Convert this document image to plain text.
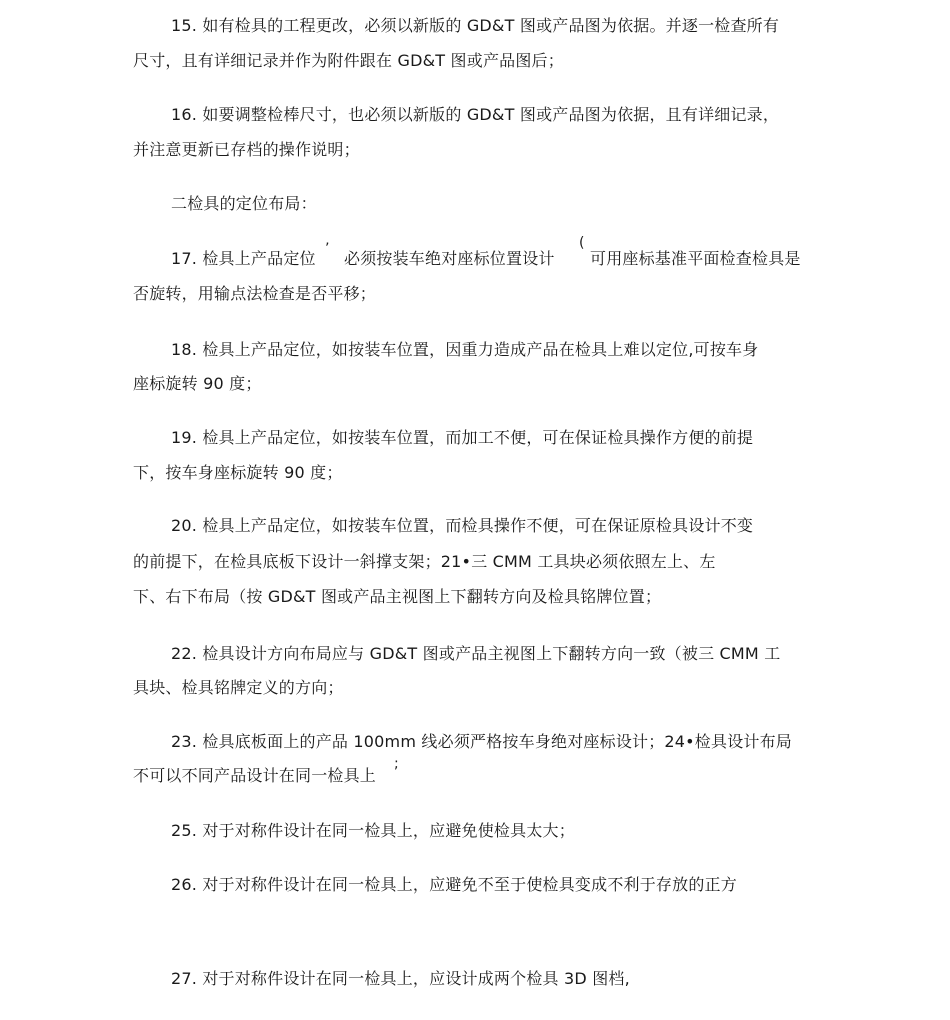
15. 如有检具的工程更改，必须以新版的 GD&T 图或产品图为依据。并逐一检查所有
尺寸，且有详细记录并作为附件跟在 GD&T 图或产品图后；
16. 如要调整检棒尺寸，也必须以新版的 GD&T 图或产品图为依据，且有详细记录，
并注意更新已存档的操作说明；
二检具的定位布局：
17. 检具上产品定位 ’ 必须按装车绝对座标位置设计
(
可用座标基准平面检查检具是
否旋转，用输点法检查是否平移；
18. 检具上产品定位，如按装车位置，因重力造成产品在检具上难以定位,可按车身
座标旋转 90 度；
19. 检具上产品定位，如按装车位置，而加工不便，可在保证检具操作方便的前提
下，按车身座标旋转 90 度；
20. 检具上产品定位，如按装车位置，而检具操作不便，可在保证原检具设计不变
的前提下，在检具底板下设计一斜撑支架；21•三 CMM 工具块必须依照左上、左
下、右下布局（按 GD&T 图或产品主视图上下翻转方向及检具铭牌位置；
22. 检具设计方向布局应与 GD&T 图或产品主视图上下翻转方向一致（被三 CMM 工
具块、检具铭牌定义的方向；
23. 检具底板面上的产品 100mm 线必须严格按车身绝对座标设计；24•检具设计布局
不可以不同产品设计在同一检具上
;
25. 对于对称件设计在同一检具上，应避免使检具太大；
26. 对于对称件设计在同一检具上，应避免不至于使检具变成不利于存放的正方
27. 对于对称件设计在同一检具上，应设计成两个检具 3D 图档,
